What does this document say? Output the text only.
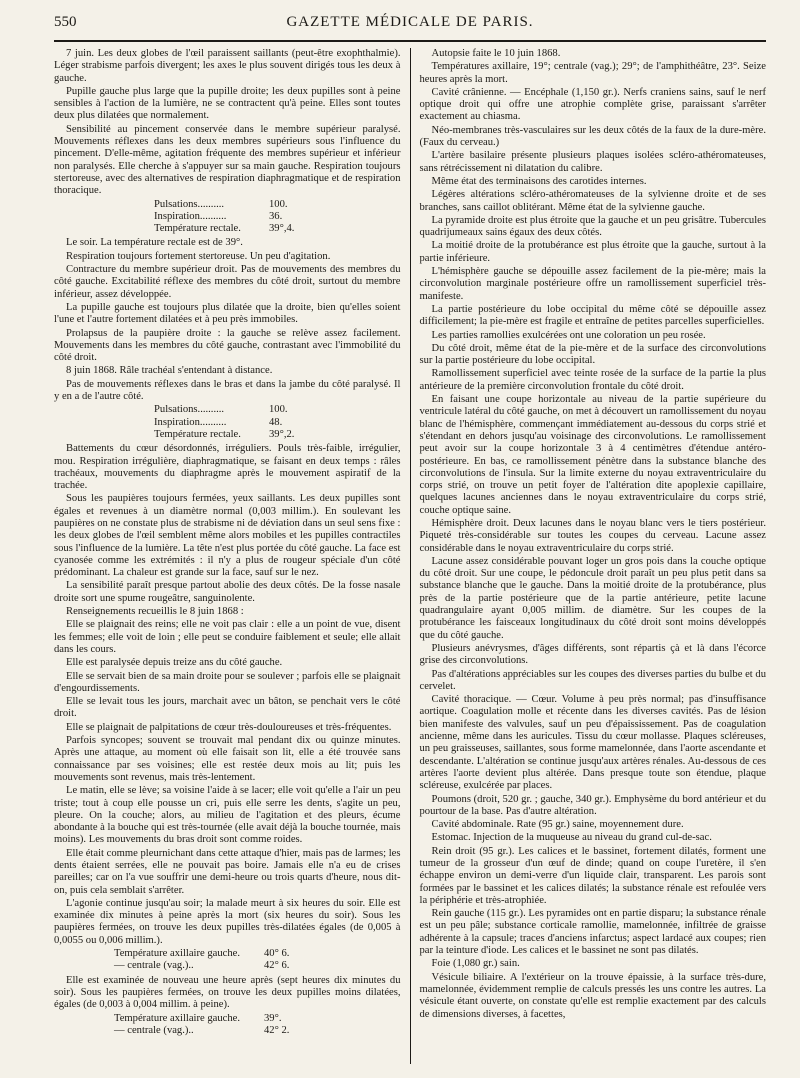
550	GAZETTE MÉDICALE DE PARIS.

7 juin. Les deux globes de l'œil paraissent saillants (peut-être exophthalmie). Léger strabisme parfois divergent; les axes le plus souvent dirigés tous les deux à gauche.

Pupille gauche plus large que la pupille droite; les deux pupilles sont à peine sensibles à l'action de la lumière, ne se contractent qu'à peine. Elles sont toutes deux plus dilatées que normalement.

Sensibilité au pincement conservée dans le membre supérieur paralysé. Mouvements réflexes dans les deux membres supérieurs sous l'influence du pincement. D'elle-même, agitation fréquente des membres supérieur et inférieur non paralysés. Elle cherche à s'appuyer sur sa main gauche. Respiration toujours stertoreuse, avec des alternatives de respiration diaphragmatique et de respiration thoracique.

Pulsations..........	100.
Inspiration..........	36.
Température rectale.	39°,4.

Le soir. La température rectale est de 39°.

Respiration toujours fortement stertoreuse. Un peu d'agitation.

Contracture du membre supérieur droit. Pas de mouvements des membres du côté gauche. Excitabilité réflexe des membres du côté droit, surtout du membre inférieur, assez développée.

La pupille gauche est toujours plus dilatée que la droite, bien qu'elles soient l'une et l'autre fortement dilatées et à peu près immobiles.

Prolapsus de la paupière droite : la gauche se relève assez facilement. Mouvements dans les membres du côté gauche, contrastant avec l'immobilité du côté droit.

8 juin 1868. Râle trachéal s'entendant à distance.

Pas de mouvements réflexes dans le bras et dans la jambe du côté paralysé. Il y en a de l'autre côté.

Pulsations..........	100.
Inspiration..........	48.
Température rectale.	39°,2.

Battements du cœur désordonnés, irréguliers. Pouls très-faible, irrégulier, mou. Respiration irrégulière, diaphragmatique, se faisant en deux temps : râles trachéaux, mouvements du diaphragme après le mouvement aspiratif de la trachée.

Sous les paupières toujours fermées, yeux saillants. Les deux pupilles sont égales et revenues à un diamètre normal (0,003 millim.). En soulevant les paupières on ne constate plus de strabisme ni de déviation dans un seul sens fixe : les deux globes de l'œil semblent même alors mobiles et les pupilles contractiles sous l'influence de la lumière. La tête n'est plus portée du côté gauche. La face est cyanosée comme les extrémités : il n'y a plus de rougeur spéciale d'un côté prédominant. La chaleur est grande sur la face, sauf sur le nez.

La sensibilité paraît presque partout abolie des deux côtés. De la fosse nasale droite sort une spume rougeâtre, sanguinolente.

Renseignements recueillis le 8 juin 1868 :

Elle se plaignait des reins; elle ne voit pas clair : elle a un point de vue, disent les femmes; elle voit de loin ; elle peut se conduire faiblement et seule; elle allait dans les cours.

Elle est paralysée depuis treize ans du côté gauche.

Elle se servait bien de sa main droite pour se soulever ; parfois elle se plaignait d'engourdissements.

Elle se levait tous les jours, marchait avec un bâton, se penchait vers le côté droit.

Elle se plaignait de palpitations de cœur très-douloureuses et très-fréquentes.

Parfois syncopes; souvent se trouvait mal pendant dix ou quinze minutes. Après une attaque, au moment où elle faisait son lit, elle a été trouvée sans connaissance par ses voisines; elle est restée deux mois au lit; puis les mouvements sont revenus, mais très-lentement.

Le matin, elle se lève; sa voisine l'aide à se lacer; elle voit qu'elle a l'air un peu triste; tout à coup elle pousse un cri, puis elle serre les dents, s'agite un peu, pleure. On la couche; alors, au milieu de l'agitation et des pleurs, écume abondante à la bouche qui est très-tournée (elle avait déjà la bouche tournée, mais moins). Les mouvements du bras droit sont comme roides.

Elle était comme pleurnichant dans cette attaque d'hier, mais pas de larmes; les dents étaient serrées, elle ne pouvait pas boire. Jamais elle n'a eu de crises pareilles; car on l'a vue souffrir une demi-heure ou trois quarts d'heure, nous dit-on, puis cela semblait s'arrêter.

L'agonie continue jusqu'au soir; la malade meurt à six heures du soir. Elle est examinée dix minutes à peine après la mort (six heures du soir). Sous les paupières fermées, on trouve les deux pupilles très-dilatées égales (de 0,005 à 0,0055 ou 0,006 millim.).

Température axillaire gauche.	40° 6.
— centrale (vag.)..	42° 6.

Elle est examinée de nouveau une heure après (sept heures dix minutes du soir). Sous les paupières fermées, on trouve les deux pupilles moins dilatées, égales (de 0,003 à 0,004 millim. à peine).

Température axillaire gauche.	39°.
— centrale (vag.)..	42° 2.

Autopsie faite le 10 juin 1868.

Températures axillaire, 19°; centrale (vag.); 29°; de l'amphithéâtre, 23°. Seize heures après la mort.

Cavité crânienne. — Encéphale (1,150 gr.). Nerfs craniens sains, sauf le nerf optique droit qui offre une atrophie complète grise, paraissant s'arrêter exactement au chiasma.

Néo-membranes très-vasculaires sur les deux côtés de la faux de la dure-mère. (Faux du cerveau.)

L'artère basilaire présente plusieurs plaques isolées scléro-athéromateuses, sans rétrécissement ni dilatation du calibre.

Même état des terminaisons des carotides internes.

Légères altérations scléro-athéromateuses de la sylvienne droite et de ses branches, sans caillot oblitérant. Même état de la sylvienne gauche.

La pyramide droite est plus étroite que la gauche et un peu grisâtre. Tubercules quadrijumeaux sains égaux des deux côtés.

La moitié droite de la protubérance est plus étroite que la gauche, surtout à la partie inférieure.

L'hémisphère gauche se dépouille assez facilement de la pie-mère; mais la circonvolution marginale postérieure offre un ramollissement superficiel très-manifeste.

La partie postérieure du lobe occipital du même côté se dépouille assez difficilement; la pie-mère est fragile et entraîne de petites parcelles superficielles.

Les parties ramollies exulcérées ont une coloration un peu rosée.

Du côté droit, même état de la pie-mère et de la surface des circonvolutions sur la partie postérieure du lobe occipital.

Ramollissement superficiel avec teinte rosée de la surface de la partie la plus antérieure de la première circonvolution frontale du côté droit.

En faisant une coupe horizontale au niveau de la partie supérieure du ventricule latéral du côté gauche, on met à découvert un ramollissement du noyau blanc de l'hémisphère, commençant immédiatement au-dessous du corps strié et s'étendant en dehors jusqu'au voisinage des circonvolutions. Le ramollissement peut avoir sur la coupe horizontale 3 à 4 centimètres d'étendue antéro-postérieure. En bas, ce ramollissement pénètre dans la substance blanche des circonvolutions de l'insula. Sur la limite externe du noyau extraventriculaire du corps strié, on trouve un petit foyer de l'altération dite apoplexie capillaire, quelques lacunes anciennes dans le noyau extraventriculaire du corps strié, couche optique saine.

Hémisphère droit. Deux lacunes dans le noyau blanc vers le tiers postérieur. Piqueté très-considérable sur toutes les coupes du cerveau. Lacune assez considérable dans le noyau extraventriculaire du corps strié.

Lacune assez considérable pouvant loger un gros pois dans la couche optique du côté droit. Sur une coupe, le pédoncule droit paraît un peu plus petit dans sa substance blanche que le gauche. Dans la moitié droite de la protubérance, plus près de la partie postérieure que de la partie antérieure, petite lacune quadrangulaire ayant 0,005 millim. de diamètre. Sur les coupes de la protubérance les faisceaux longitudinaux du côté droit sont moins développés que du côté gauche.

Plusieurs anévrysmes, d'âges différents, sont répartis çà et là dans l'écorce grise des circonvolutions.

Pas d'altérations appréciables sur les coupes des diverses parties du bulbe et du cervelet.

Cavité thoracique. — Cœur. Volume à peu près normal; pas d'insuffisance aortique. Coagulation molle et récente dans les diverses cavités. Pas de lésion bien manifeste des valvules, sauf un peu d'épaississement. Pas de coagulation ancienne, même dans les auricules. Tissu du cœur mollasse. Plaques scléreuses, un peu graisseuses, saillantes, sous forme mamelonnée, dans l'aorte ascendante et descendante. L'altération se continue jusqu'aux artères rénales. Au-dessous de ces artères l'aorte devient plus altérée. Dans presque toute son étendue, plaque scléreuse, exulcérée par places.

Poumons (droit, 520 gr. ; gauche, 340 gr.). Emphysème du bord antérieur et du pourtour de la base. Pas d'autre altération.

Cavité abdominale. Rate (95 gr.) saine, moyennement dure.

Estomac. Injection de la muqueuse au niveau du grand cul-de-sac.

Rein droit (95 gr.). Les calices et le bassinet, fortement dilatés, forment une tumeur de la grosseur d'un œuf de dinde; quand on coupe l'uretère, il s'en échappe environ un demi-verre d'un liquide clair, transparent. Les parois sont formées par le bassinet et les calices dilatés; la substance rénale est refoulée vers la périphérie et très-atrophiée.

Rein gauche (115 gr.). Les pyramides ont en partie disparu; la substance rénale est un peu pâle; substance corticale ramollie, mamelonnée, infiltrée de graisse adhérente à la capsule; traces d'anciens infarctus; aspect lardacé aux coupes; rien par la teinture d'iode. Les calices et le bassinet ne sont pas dilatés.

Foie (1,080 gr.) sain.

Vésicule biliaire. A l'extérieur on la trouve épaissie, à la surface très-dure, mamelonnée, évidemment remplie de calculs pressés les uns contre les autres. La vésicule étant ouverte, on constate qu'elle est remplie exactement par des calculs de dimensions diverses, à facettes,
